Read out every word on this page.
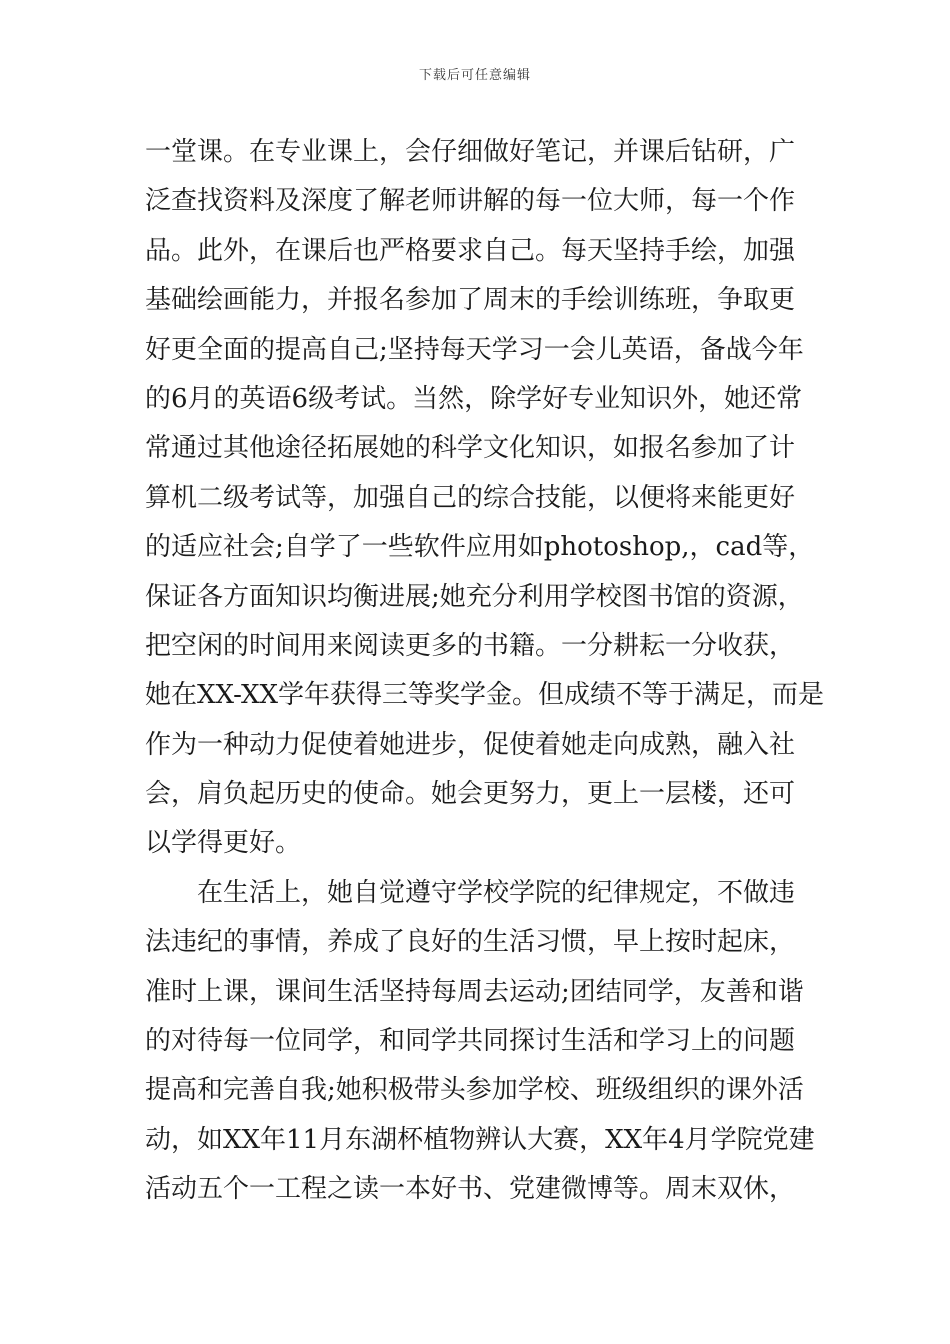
下载后可任意编辑
一堂课。在专业课上，会仔细做好笔记，并课后钻研，广
泛查找资料及深度了解老师讲解的每一位大师，每一个作
品。此外，在课后也严格要求自己。每天坚持手绘，加强
基础绘画能力，并报名参加了周末的手绘训练班，争取更
好更全面的提高自己;坚持每天学习一会儿英语，备战今年
的6月的英语6级考试。当然，除学好专业知识外，她还常
常通过其他途径拓展她的科学文化知识，如报名参加了计
算机二级考试等，加强自己的综合技能，以便将来能更好
的适应社会;自学了一些软件应用如photoshop,，cad等，
保证各方面知识均衡进展;她充分利用学校图书馆的资源，
把空闲的时间用来阅读更多的书籍。一分耕耘一分收获，
她在XX-XX学年获得三等奖学金。但成绩不等于满足，而是
作为一种动力促使着她进步，促使着她走向成熟，融入社
会，肩负起历史的使命。她会更努力，更上一层楼，还可
以学得更好。
在生活上，她自觉遵守学校学院的纪律规定，不做违
法违纪的事情，养成了良好的生活习惯，早上按时起床，
准时上课，课间生活坚持每周去运动;团结同学，友善和谐
的对待每一位同学，和同学共同探讨生活和学习上的问题
提高和完善自我;她积极带头参加学校、班级组织的课外活
动，如XX年11月东湖杯植物辨认大赛，XX年4月学院党建
活动五个一工程之读一本好书、党建微博等。周末双休，
